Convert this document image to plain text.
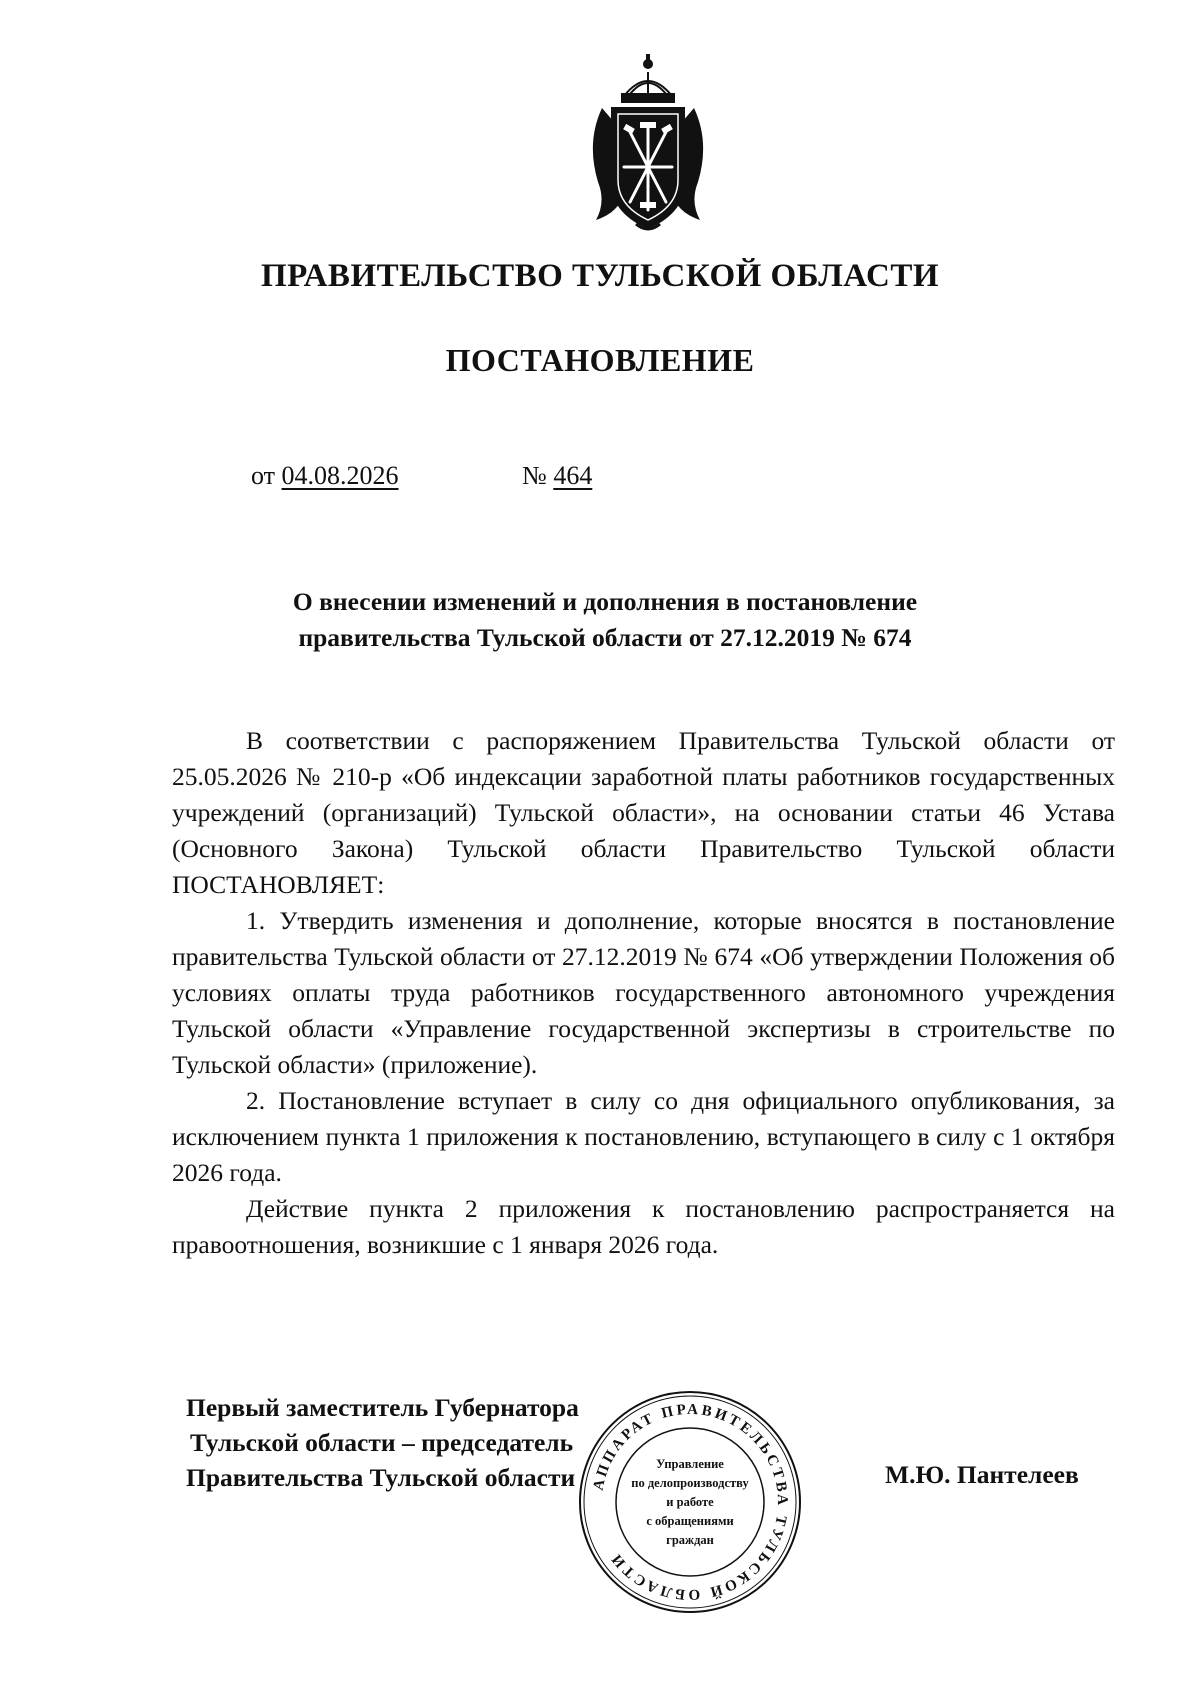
ПРАВИТЕЛЬСТВО ТУЛЬСКОЙ ОБЛАСТИ
ПОСТАНОВЛЕНИЕ
от 04.08.2026	№ 464
О внесении изменений и дополнения в постановление
правительства Тульской области от 27.12.2019 № 674

В соответствии с распоряжением Правительства Тульской области от 25.05.2026 № 210-р «Об индексации заработной платы работников государственных учреждений (организаций) Тульской области», на основании статьи 46 Устава (Основного Закона) Тульской области Правительство Тульской области ПОСТАНОВЛЯЕТ:

1. Утвердить изменения и дополнение, которые вносятся в постановление правительства Тульской области от 27.12.2019 № 674 «Об утверждении Положения об условиях оплаты труда работников государственного автономного учреждения Тульской области «Управление государственной экспертизы в строительстве по Тульской области» (приложение).

2. Постановление вступает в силу со дня официального опубликования, за исключением пункта 1 приложения к постановлению, вступающего в силу с 1 октября 2026 года.

Действие пункта 2 приложения к постановлению распространяется на правоотношения, возникшие с 1 января 2026 года.

Первый заместитель Губернатора
Тульской области – председатель
Правительства Тульской области	М.Ю. Пантелеев
АППАРАТ ПРАВИТЕЛЬСТВА ТУЛЬСКОЙ ОБЛАСТИ
Управление
по делопроизводству
и работе
с обращениями
граждан
